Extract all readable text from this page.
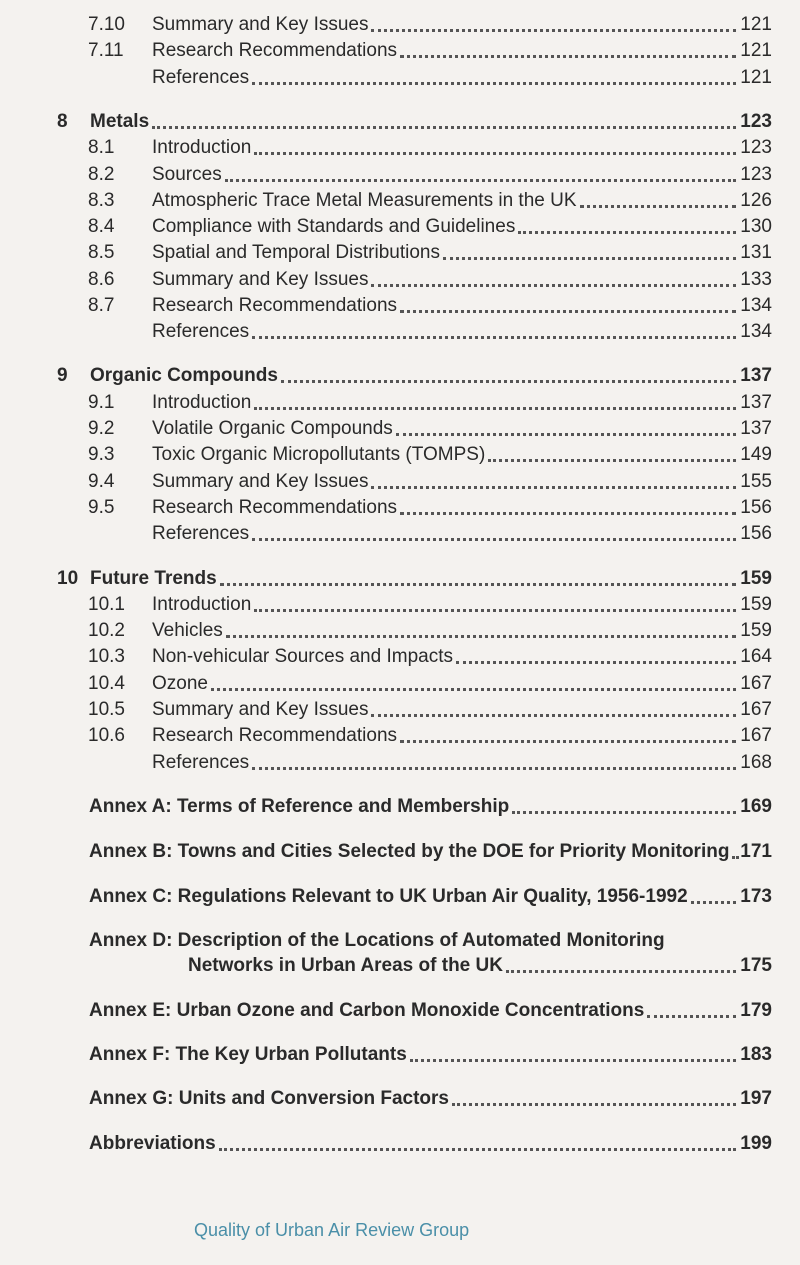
7.10	Summary and Key Issues	121
7.11	Research Recommendations	121
References	121
8	Metals	123
8.1	Introduction	123
8.2	Sources	123
8.3	Atmospheric Trace Metal Measurements in the UK	126
8.4	Compliance with Standards and Guidelines	130
8.5	Spatial and Temporal Distributions	131
8.6	Summary and Key Issues	133
8.7	Research Recommendations	134
References	134
9	Organic Compounds	137
9.1	Introduction	137
9.2	Volatile Organic Compounds	137
9.3	Toxic Organic Micropollutants (TOMPS)	149
9.4	Summary and Key Issues	155
9.5	Research Recommendations	156
References	156
10 Future Trends	159
10.1	Introduction	159
10.2	Vehicles	159
10.3	Non-vehicular Sources and Impacts	164
10.4	Ozone	167
10.5	Summary and Key Issues	167
10.6	Research Recommendations	167
References	168
Annex A: Terms of Reference and Membership	169
Annex B: Towns and Cities Selected by the DOE for Priority Monitoring 171
Annex C: Regulations Relevant to UK Urban Air Quality, 1956-1992	173
Annex D: Description of the Locations of Automated Monitoring
Networks in Urban Areas of the UK	175
Annex E: Urban Ozone and Carbon Monoxide Concentrations	179
Annex F: The Key Urban Pollutants	183
Annex G: Units and Conversion Factors	197
Abbreviations	199
Quality of Urban Air Review Group
